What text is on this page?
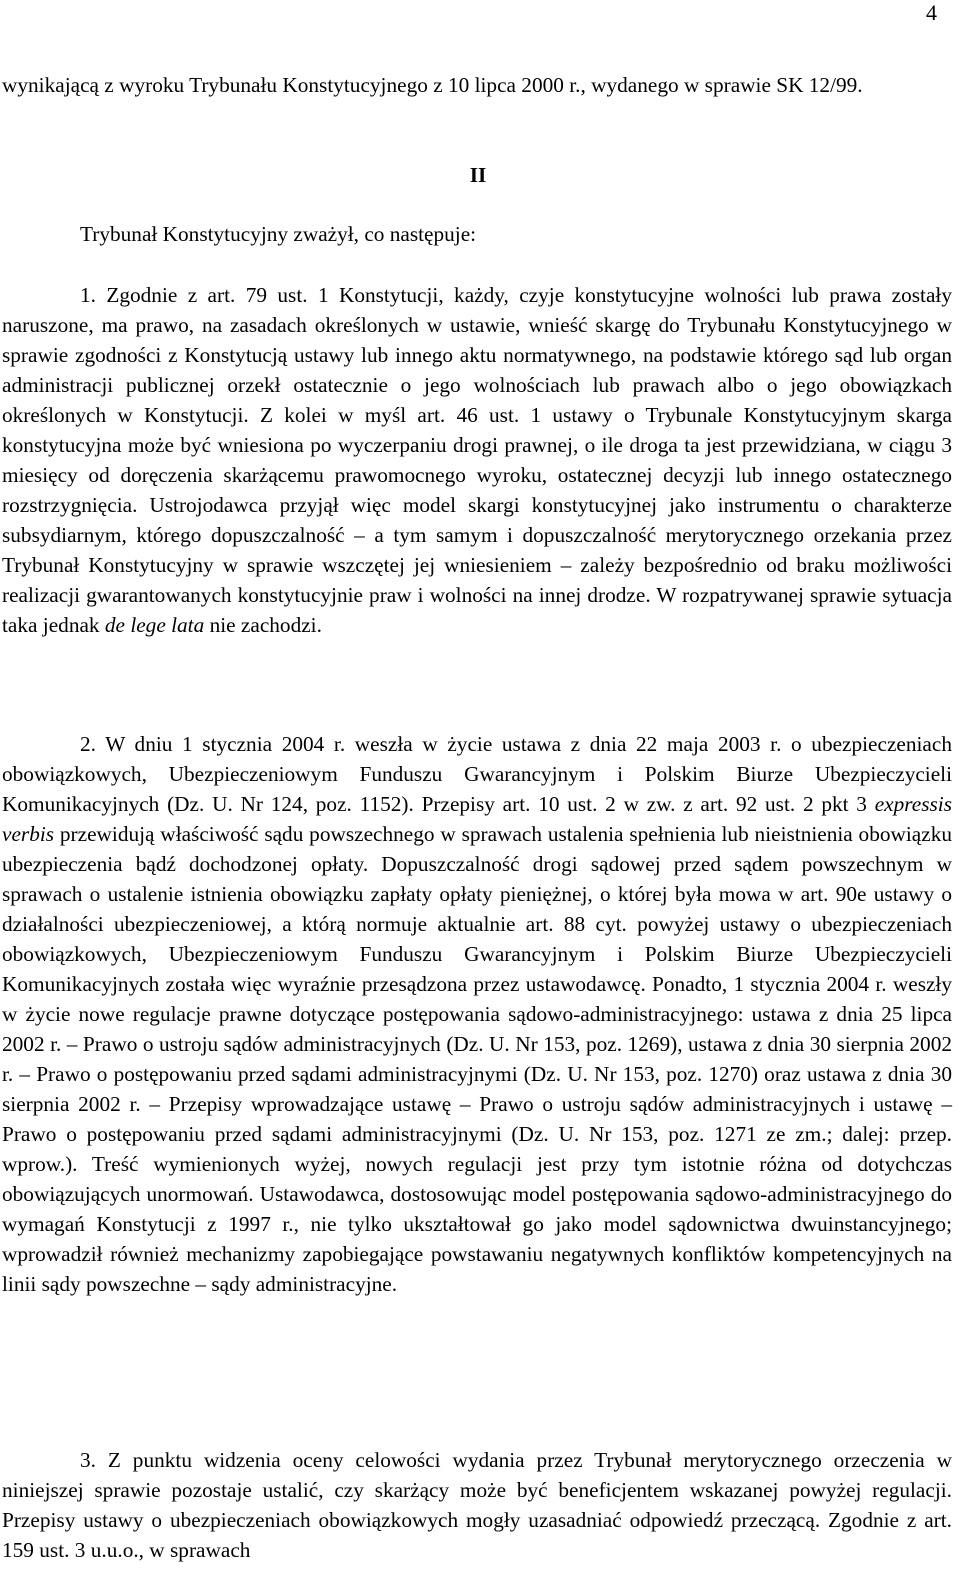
4

wynikającą z wyroku Trybunału Konstytucyjnego z 10 lipca 2000 r., wydanego w sprawie SK 12/99.

II
Trybunał Konstytucyjny zważył, co następuje:

1. Zgodnie z art. 79 ust. 1 Konstytucji, każdy, czyje konstytucyjne wolności lub prawa zostały naruszone, ma prawo, na zasadach określonych w ustawie, wnieść skargę do Trybunału Konstytucyjnego w sprawie zgodności z Konstytucją ustawy lub innego aktu normatywnego, na podstawie którego sąd lub organ administracji publicznej orzekł ostatecznie o jego wolnościach lub prawach albo o jego obowiązkach określonych w Konstytucji. Z kolei w myśl art. 46 ust. 1 ustawy o Trybunale Konstytucyjnym skarga konstytucyjna może być wniesiona po wyczerpaniu drogi prawnej, o ile droga ta jest przewidziana, w ciągu 3 miesięcy od doręczenia skarżącemu prawomocnego wyroku, ostatecznej decyzji lub innego ostatecznego rozstrzygnięcia. Ustrojodawca przyjął więc model skargi konstytucyjnej jako instrumentu o charakterze subsydiarnym, którego dopuszczalność – a tym samym i dopuszczalność merytorycznego orzekania przez Trybunał Konstytucyjny w sprawie wszczętej jej wniesieniem – zależy bezpośrednio od braku możliwości realizacji gwarantowanych konstytucyjnie praw i wolności na innej drodze. W rozpatrywanej sprawie sytuacja taka jednak de lege lata nie zachodzi.

2. W dniu 1 stycznia 2004 r. weszła w życie ustawa z dnia 22 maja 2003 r. o ubezpieczeniach obowiązkowych, Ubezpieczeniowym Funduszu Gwarancyjnym i Polskim Biurze Ubezpieczycieli Komunikacyjnych (Dz. U. Nr 124, poz. 1152). Przepisy art. 10 ust. 2 w zw. z art. 92 ust. 2 pkt 3 expressis verbis przewidują właściwość sądu powszechnego w sprawach ustalenia spełnienia lub nieistnienia obowiązku ubezpieczenia bądź dochodzonej opłaty. Dopuszczalność drogi sądowej przed sądem powszechnym w sprawach o ustalenie istnienia obowiązku zapłaty opłaty pieniężnej, o której była mowa w art. 90e ustawy o działalności ubezpieczeniowej, a którą normuje aktualnie art. 88 cyt. powyżej ustawy o ubezpieczeniach obowiązkowych, Ubezpieczeniowym Funduszu Gwarancyjnym i Polskim Biurze Ubezpieczycieli Komunikacyjnych została więc wyraźnie przesądzona przez ustawodawcę. Ponadto, 1 stycznia 2004 r. weszły w życie nowe regulacje prawne dotyczące postępowania sądowo-administracyjnego: ustawa z dnia 25 lipca 2002 r. – Prawo o ustroju sądów administracyjnych (Dz. U. Nr 153, poz. 1269), ustawa z dnia 30 sierpnia 2002 r. – Prawo o postępowaniu przed sądami administracyjnymi (Dz. U. Nr 153, poz. 1270) oraz ustawa z dnia 30 sierpnia 2002 r. – Przepisy wprowadzające ustawę – Prawo o ustroju sądów administracyjnych i ustawę – Prawo o postępowaniu przed sądami administracyjnymi (Dz. U. Nr 153, poz. 1271 ze zm.; dalej: przep. wprow.). Treść wymienionych wyżej, nowych regulacji jest przy tym istotnie różna od dotychczas obowiązujących unormowań. Ustawodawca, dostosowując model postępowania sądowo-administracyjnego do wymagań Konstytucji z 1997 r., nie tylko ukształtował go jako model sądownictwa dwuinstancyjnego; wprowadził również mechanizmy zapobiegające powstawaniu negatywnych konfliktów kompetencyjnych na linii sądy powszechne – sądy administracyjne.

3. Z punktu widzenia oceny celowości wydania przez Trybunał merytorycznego orzeczenia w niniejszej sprawie pozostaje ustalić, czy skarżący może być beneficjentem wskazanej powyżej regulacji. Przepisy ustawy o ubezpieczeniach obowiązkowych mogły uzasadniać odpowiedź przeczącą. Zgodnie z art. 159 ust. 3 u.u.o., w sprawach
